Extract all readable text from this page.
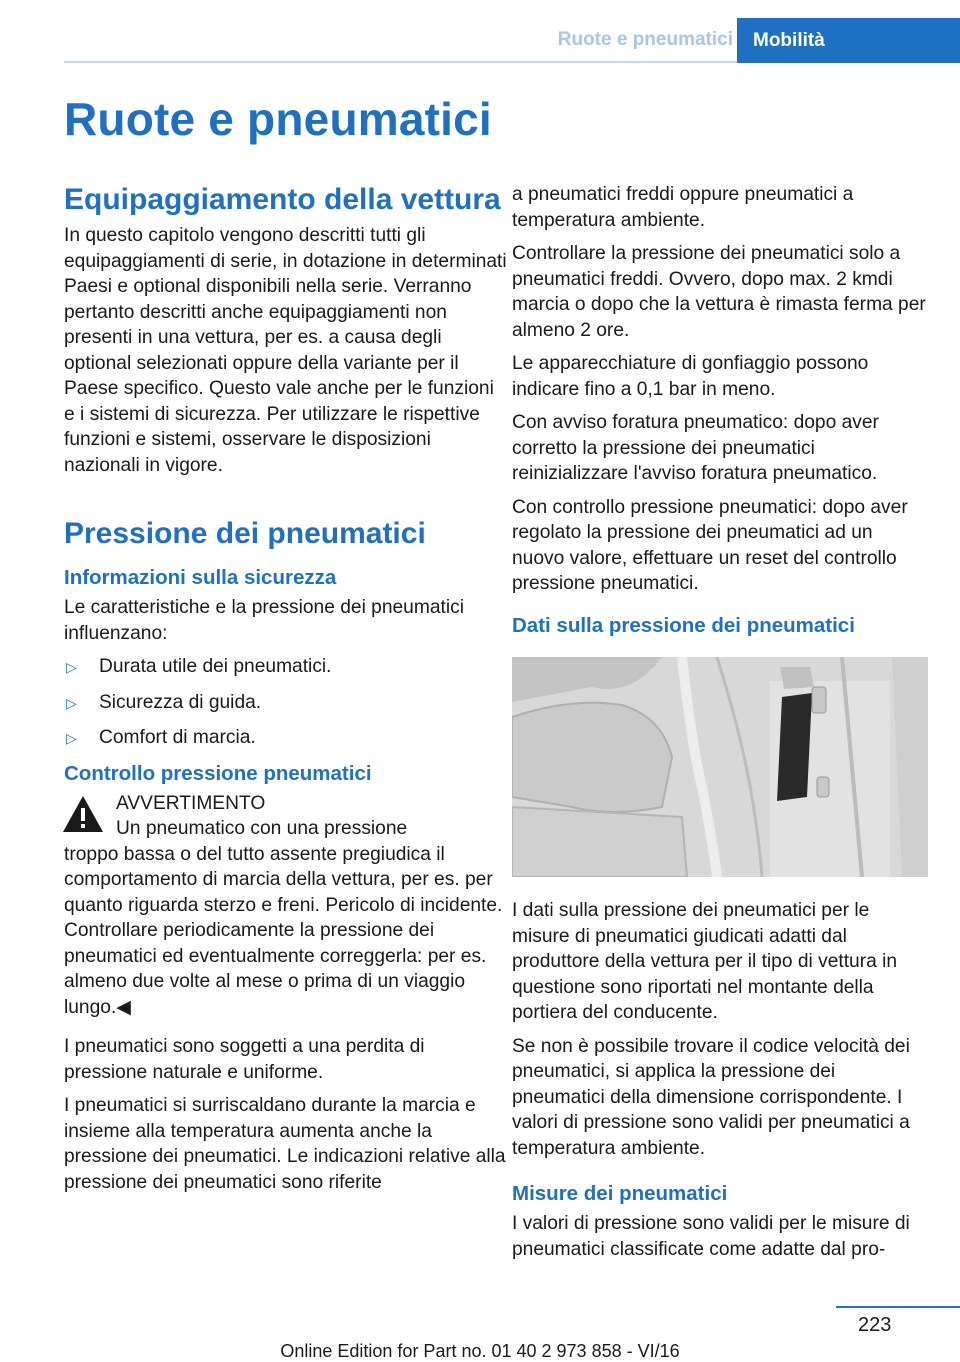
Ruote e pneumatici	Mobilità
Ruote e pneumatici
Equipaggiamento della vettura

In questo capitolo vengono descritti tutti gli equipaggiamenti di serie, in dotazione in determinati Paesi e optional disponibili nella serie. Verranno pertanto descritti anche equipaggiamenti non presenti in una vettura, per es. a causa degli optional selezionati oppure della variante per il Paese specifico. Questo vale anche per le funzioni e i sistemi di sicurezza. Per utilizzare le rispettive funzioni e sistemi, osservare le disposizioni nazionali in vigore.

Pressione dei pneumatici
Informazioni sulla sicurezza

Le caratteristiche e la pressione dei pneumatici influenzano:

▷ Durata utile dei pneumatici.
▷ Sicurezza di guida.
▷ Comfort di marcia.
Controllo pressione pneumatici
AVVERTIMENTO
Un pneumatico con una pressione

troppo bassa o del tutto assente pregiudica il comportamento di marcia della vettura, per es. per quanto riguarda sterzo e freni. Pericolo di incidente. Controllare periodicamente la pressione dei pneumatici ed eventualmente correggerla: per es. almeno due volte al mese o prima di un viaggio lungo.◀

I pneumatici sono soggetti a una perdita di pressione naturale e uniforme.

I pneumatici si surriscaldano durante la marcia e insieme alla temperatura aumenta anche la pressione dei pneumatici. Le indicazioni relative alla pressione dei pneumatici sono riferite

a pneumatici freddi oppure pneumatici a temperatura ambiente.

Controllare la pressione dei pneumatici solo a pneumatici freddi. Ovvero, dopo max. 2 kmdi marcia o dopo che la vettura è rimasta ferma per almeno 2 ore.

Le apparecchiature di gonfiaggio possono indicare fino a 0,1 bar in meno.

Con avviso foratura pneumatico: dopo aver corretto la pressione dei pneumatici reinizializzare l'avviso foratura pneumatico.

Con controllo pressione pneumatici: dopo aver regolato la pressione dei pneumatici ad un nuovo valore, effettuare un reset del controllo pressione pneumatici.

Dati sulla pressione dei pneumatici

I dati sulla pressione dei pneumatici per le misure di pneumatici giudicati adatti dal produttore della vettura per il tipo di vettura in questione sono riportati nel montante della portiera del conducente.

Se non è possibile trovare il codice velocità dei pneumatici, si applica la pressione dei pneumatici della dimensione corrispondente. I valori di pressione sono validi per pneumatici a temperatura ambiente.

Misure dei pneumatici

I valori di pressione sono validi per le misure di pneumatici classificate come adatte dal pro-

223
Online Edition for Part no. 01 40 2 973 858 - VI/16
